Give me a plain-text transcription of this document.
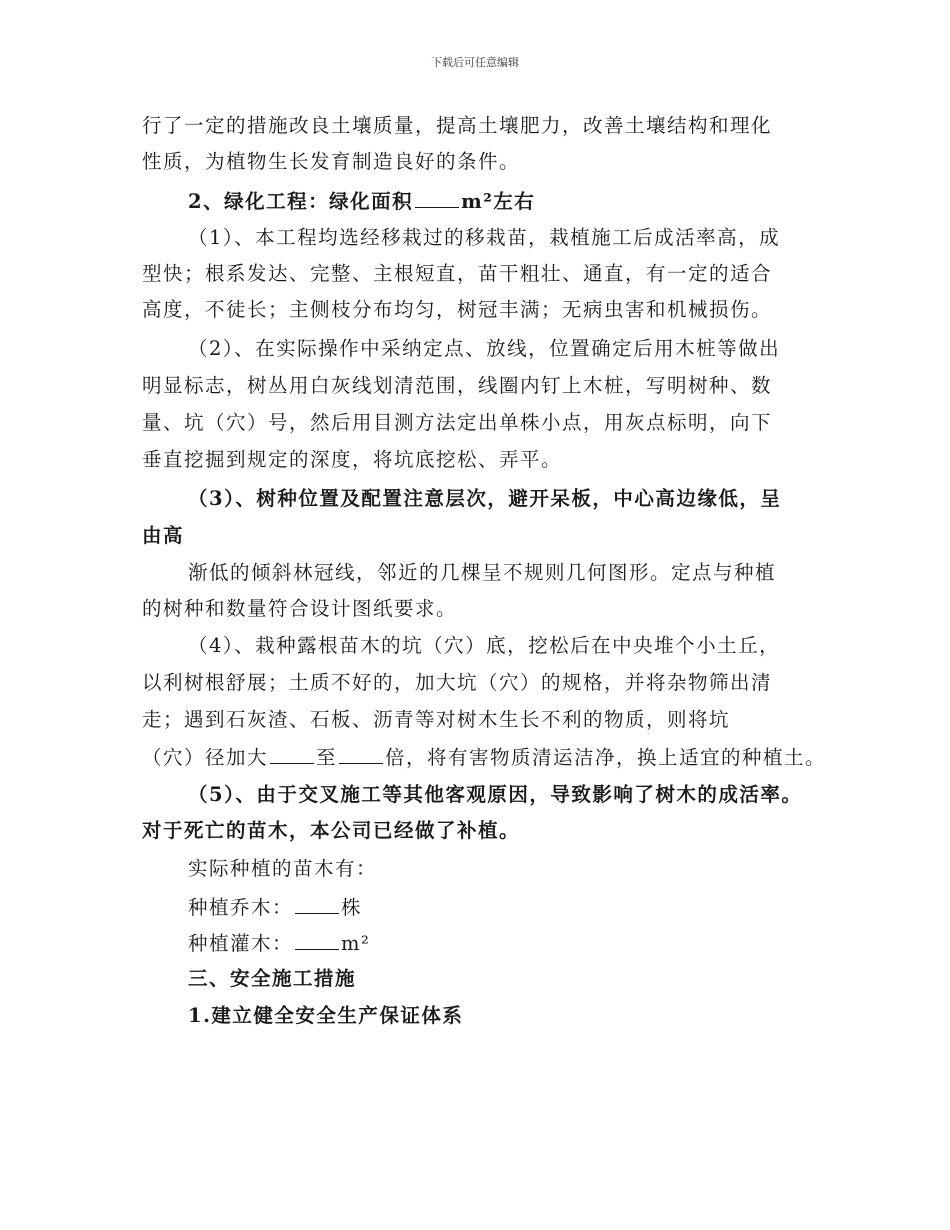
下载后可任意编辑
行了一定的措施改良土壤质量，提高土壤肥力，改善土壤结构和理化
性质，为植物生长发育制造良好的条件。
2、绿化工程：绿化面积 m²左右
（1）、本工程均选经移栽过的移栽苗，栽植施工后成活率高，成
型快；根系发达、完整、主根短直，苗干粗壮、通直，有一定的适合
高度，不徒长；主侧枝分布均匀，树冠丰满；无病虫害和机械损伤。
（2）、在实际操作中采纳定点、放线，位置确定后用木桩等做出
明显标志，树丛用白灰线划清范围，线圈内钉上木桩，写明树种、数
量、坑（穴）号，然后用目测方法定出单株小点，用灰点标明，向下
垂直挖掘到规定的深度，将坑底挖松、弄平。
（3）、树种位置及配置注意层次，避开呆板，中心高边缘低，呈
由高
渐低的倾斜林冠线，邻近的几棵呈不规则几何图形。定点与种植
的树种和数量符合设计图纸要求。
（4）、栽种露根苗木的坑（穴）底，挖松后在中央堆个小土丘，
以利树根舒展；土质不好的，加大坑（穴）的规格，并将杂物筛出清
走；遇到石灰渣、石板、沥青等对树木生长不利的物质，则将坑
（穴）径加大 至 倍，将有害物质清运洁净，换上适宜的种植土。
（5）、由于交叉施工等其他客观原因，导致影响了树木的成活率。
对于死亡的苗木，本公司已经做了补植。
实际种植的苗木有：
种植乔木： 株
种植灌木： m²
三、安全施工措施
1.建立健全安全生产保证体系
